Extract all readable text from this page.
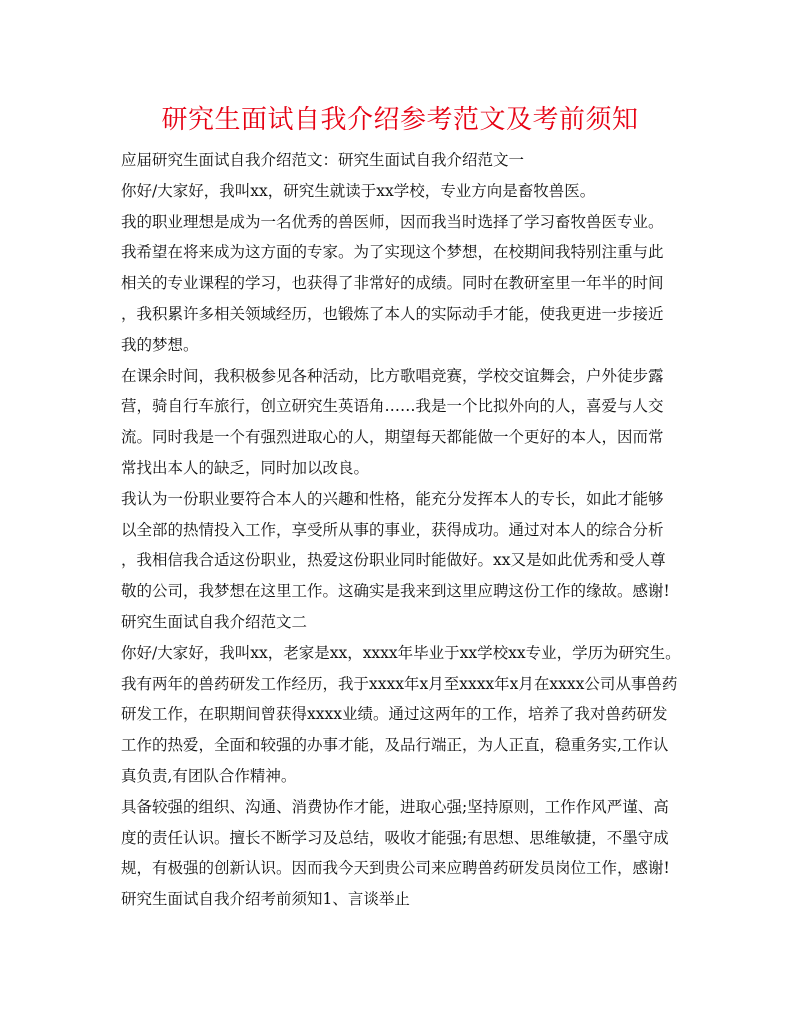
研究生面试自我介绍参考范文及考前须知
应届研究生面试自我介绍范文：研究生面试自我介绍范文一
你好/大家好，我叫xx，研究生就读于xx学校，专业方向是畜牧兽医。
我的职业理想是成为一名优秀的兽医师，因而我当时选择了学习畜牧兽医专业。
我希望在将来成为这方面的专家。为了实现这个梦想，在校期间我特别注重与此
相关的专业课程的学习，也获得了非常好的成绩。同时在教研室里一年半的时间
，我积累许多相关领域经历，也锻炼了本人的实际动手才能，使我更进一步接近
我的梦想。
在课余时间，我积极参见各种活动，比方歌唱竞赛，学校交谊舞会，户外徒步露
营，骑自行车旅行，创立研究生英语角……我是一个比拟外向的人，喜爱与人交
流。同时我是一个有强烈进取心的人，期望每天都能做一个更好的本人，因而常
常找出本人的缺乏，同时加以改良。
我认为一份职业要符合本人的兴趣和性格，能充分发挥本人的专长，如此才能够
以全部的热情投入工作，享受所从事的事业，获得成功。通过对本人的综合分析
，我相信我合适这份职业，热爱这份职业同时能做好。xx又是如此优秀和受人尊
敬的公司，我梦想在这里工作。这确实是我来到这里应聘这份工作的缘故。感谢!
研究生面试自我介绍范文二
你好/大家好，我叫xx，老家是xx，xxxx年毕业于xx学校xx专业，学历为研究生。
我有两年的兽药研发工作经历，我于xxxx年x月至xxxx年x月在xxxx公司从事兽药
研发工作，在职期间曾获得xxxx业绩。通过这两年的工作，培养了我对兽药研发
工作的热爱，全面和较强的办事才能，及品行端正，为人正直，稳重务实,工作认
真负责,有团队合作精神。
具备较强的组织、沟通、消费协作才能，进取心强;坚持原则，工作作风严谨、高
度的责任认识。擅长不断学习及总结，吸收才能强;有思想、思维敏捷，不墨守成
规，有极强的创新认识。因而我今天到贵公司来应聘兽药研发员岗位工作，感谢!
研究生面试自我介绍考前须知1、言谈举止
